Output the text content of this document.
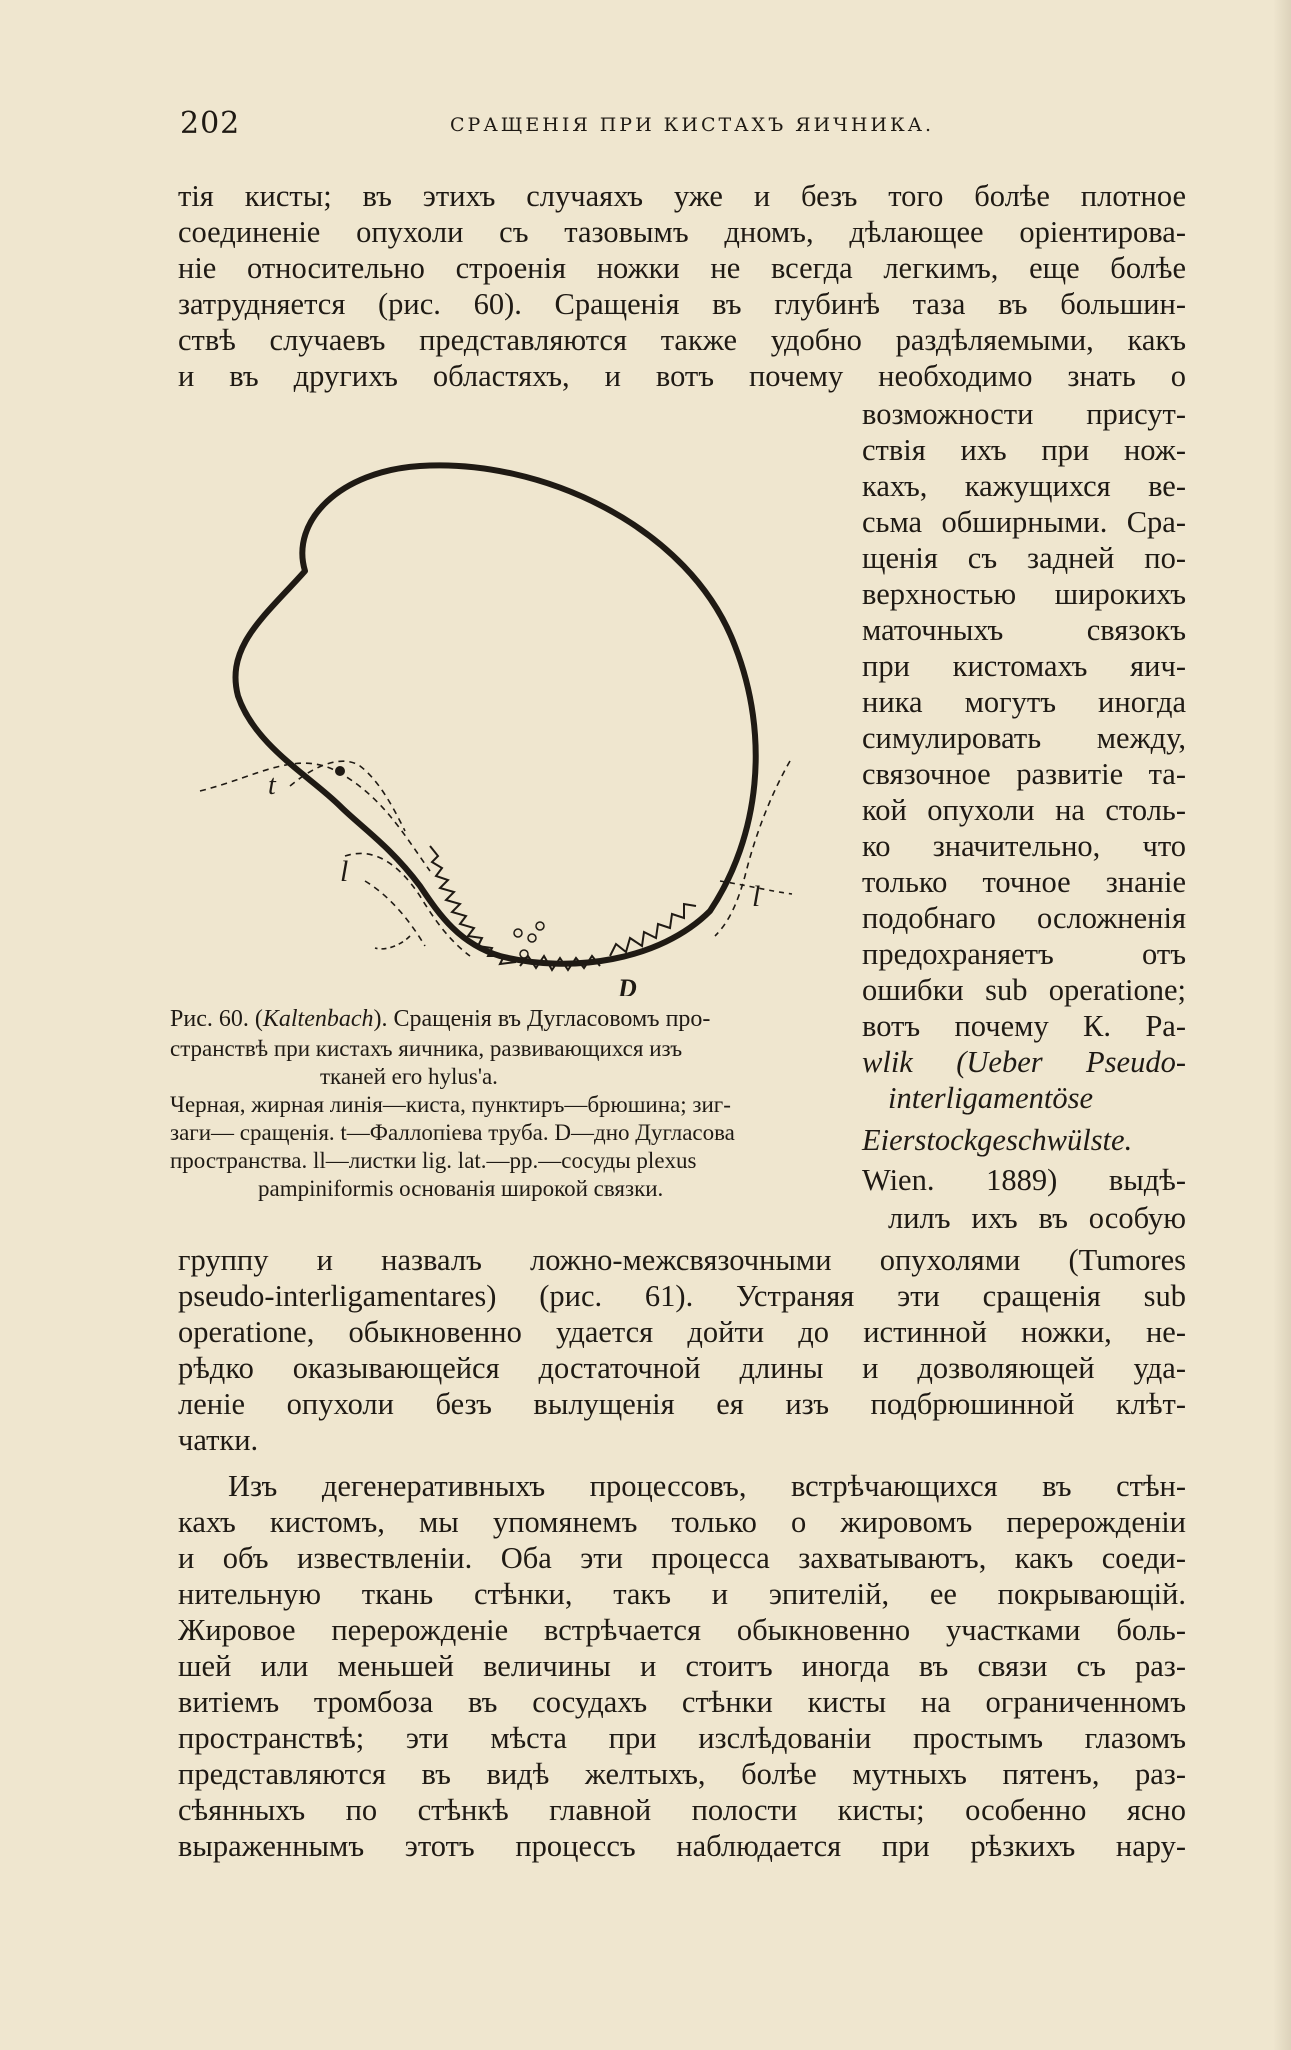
202	СРАЩЕНІЯ ПРИ КИСТАХЪ ЯИЧНИКА.
тія кисты; въ этихъ случаяхъ уже и безъ того болѣе плотное
соединеніе опухоли съ тазовымъ дномъ, дѣлающее оріентирова-
ніе относительно строенія ножки не всегда легкимъ, еще болѣе
затрудняется (рис. 60). Сращенія въ глубинѣ таза въ большин-
ствѣ случаевъ представляются также удобно раздѣляемыми, какъ
и въ другихъ областяхъ, и вотъ почему необходимо знать о
t
l
l
D
Рис. 60. (Kaltenbach). Сращенія въ Дугласовомъ про-
странствѣ при кистахъ яичника, развивающихся изъ
тканей его hylus'а.
Черная, жирная линія—киста, пунктиръ—брюшина; зиг-
заги— сращенія. t—Фаллопіева труба. D—дно Дугласова
пространства. ll—листки lig. lat.—pp.—сосуды plexus
pampiniformis основанія широкой связки.
возможности присут-
ствія ихъ при нож-
кахъ, кажущихся ве-
сьма обширными. Сра-
щенія съ задней по-
верхностью широкихъ
маточныхъ связокъ
при кистомахъ яич-
ника могутъ иногда
симулировать между,
связочное развитіе та-
кой опухоли на столь-
ко значительно, что
только точное знаніе
подобнаго осложненія
предохраняетъ отъ
ошибки sub operatione;
вотъ почему К. Pa-
wlik (Ueber Pseudo-
interligamentöse
Eierstockgeschwülste.
Wien. 1889) выдѣ-
лилъ ихъ въ особую
группу и назвалъ ложно-межсвязочными опухолями (Tumores
pseudo-interligamentares) (рис. 61). Устраняя эти сращенія sub
operatione, обыкновенно удается дойти до истинной ножки, не-
рѣдко оказывающейся достаточной длины и дозволяющей уда-
леніе опухоли безъ вылущенія ея изъ подбрюшинной клѣт-
чатки.
Изъ дегенеративныхъ процессовъ, встрѣчающихся въ стѣн-
кахъ кистомъ, мы упомянемъ только о жировомъ перерожденіи
и объ извествленіи. Оба эти процесса захватываютъ, какъ соеди-
нительную ткань стѣнки, такъ и эпителій, ее покрывающій.
Жировое перерожденіе встрѣчается обыкновенно участками боль-
шей или меньшей величины и стоитъ иногда въ связи съ раз-
витіемъ тромбоза въ сосудахъ стѣнки кисты на ограниченномъ
пространствѣ; эти мѣста при изслѣдованіи простымъ глазомъ
представляются въ видѣ желтыхъ, болѣе мутныхъ пятенъ, раз-
сѣянныхъ по стѣнкѣ главной полости кисты; особенно ясно
выраженнымъ этотъ процессъ наблюдается при рѣзкихъ нару-
